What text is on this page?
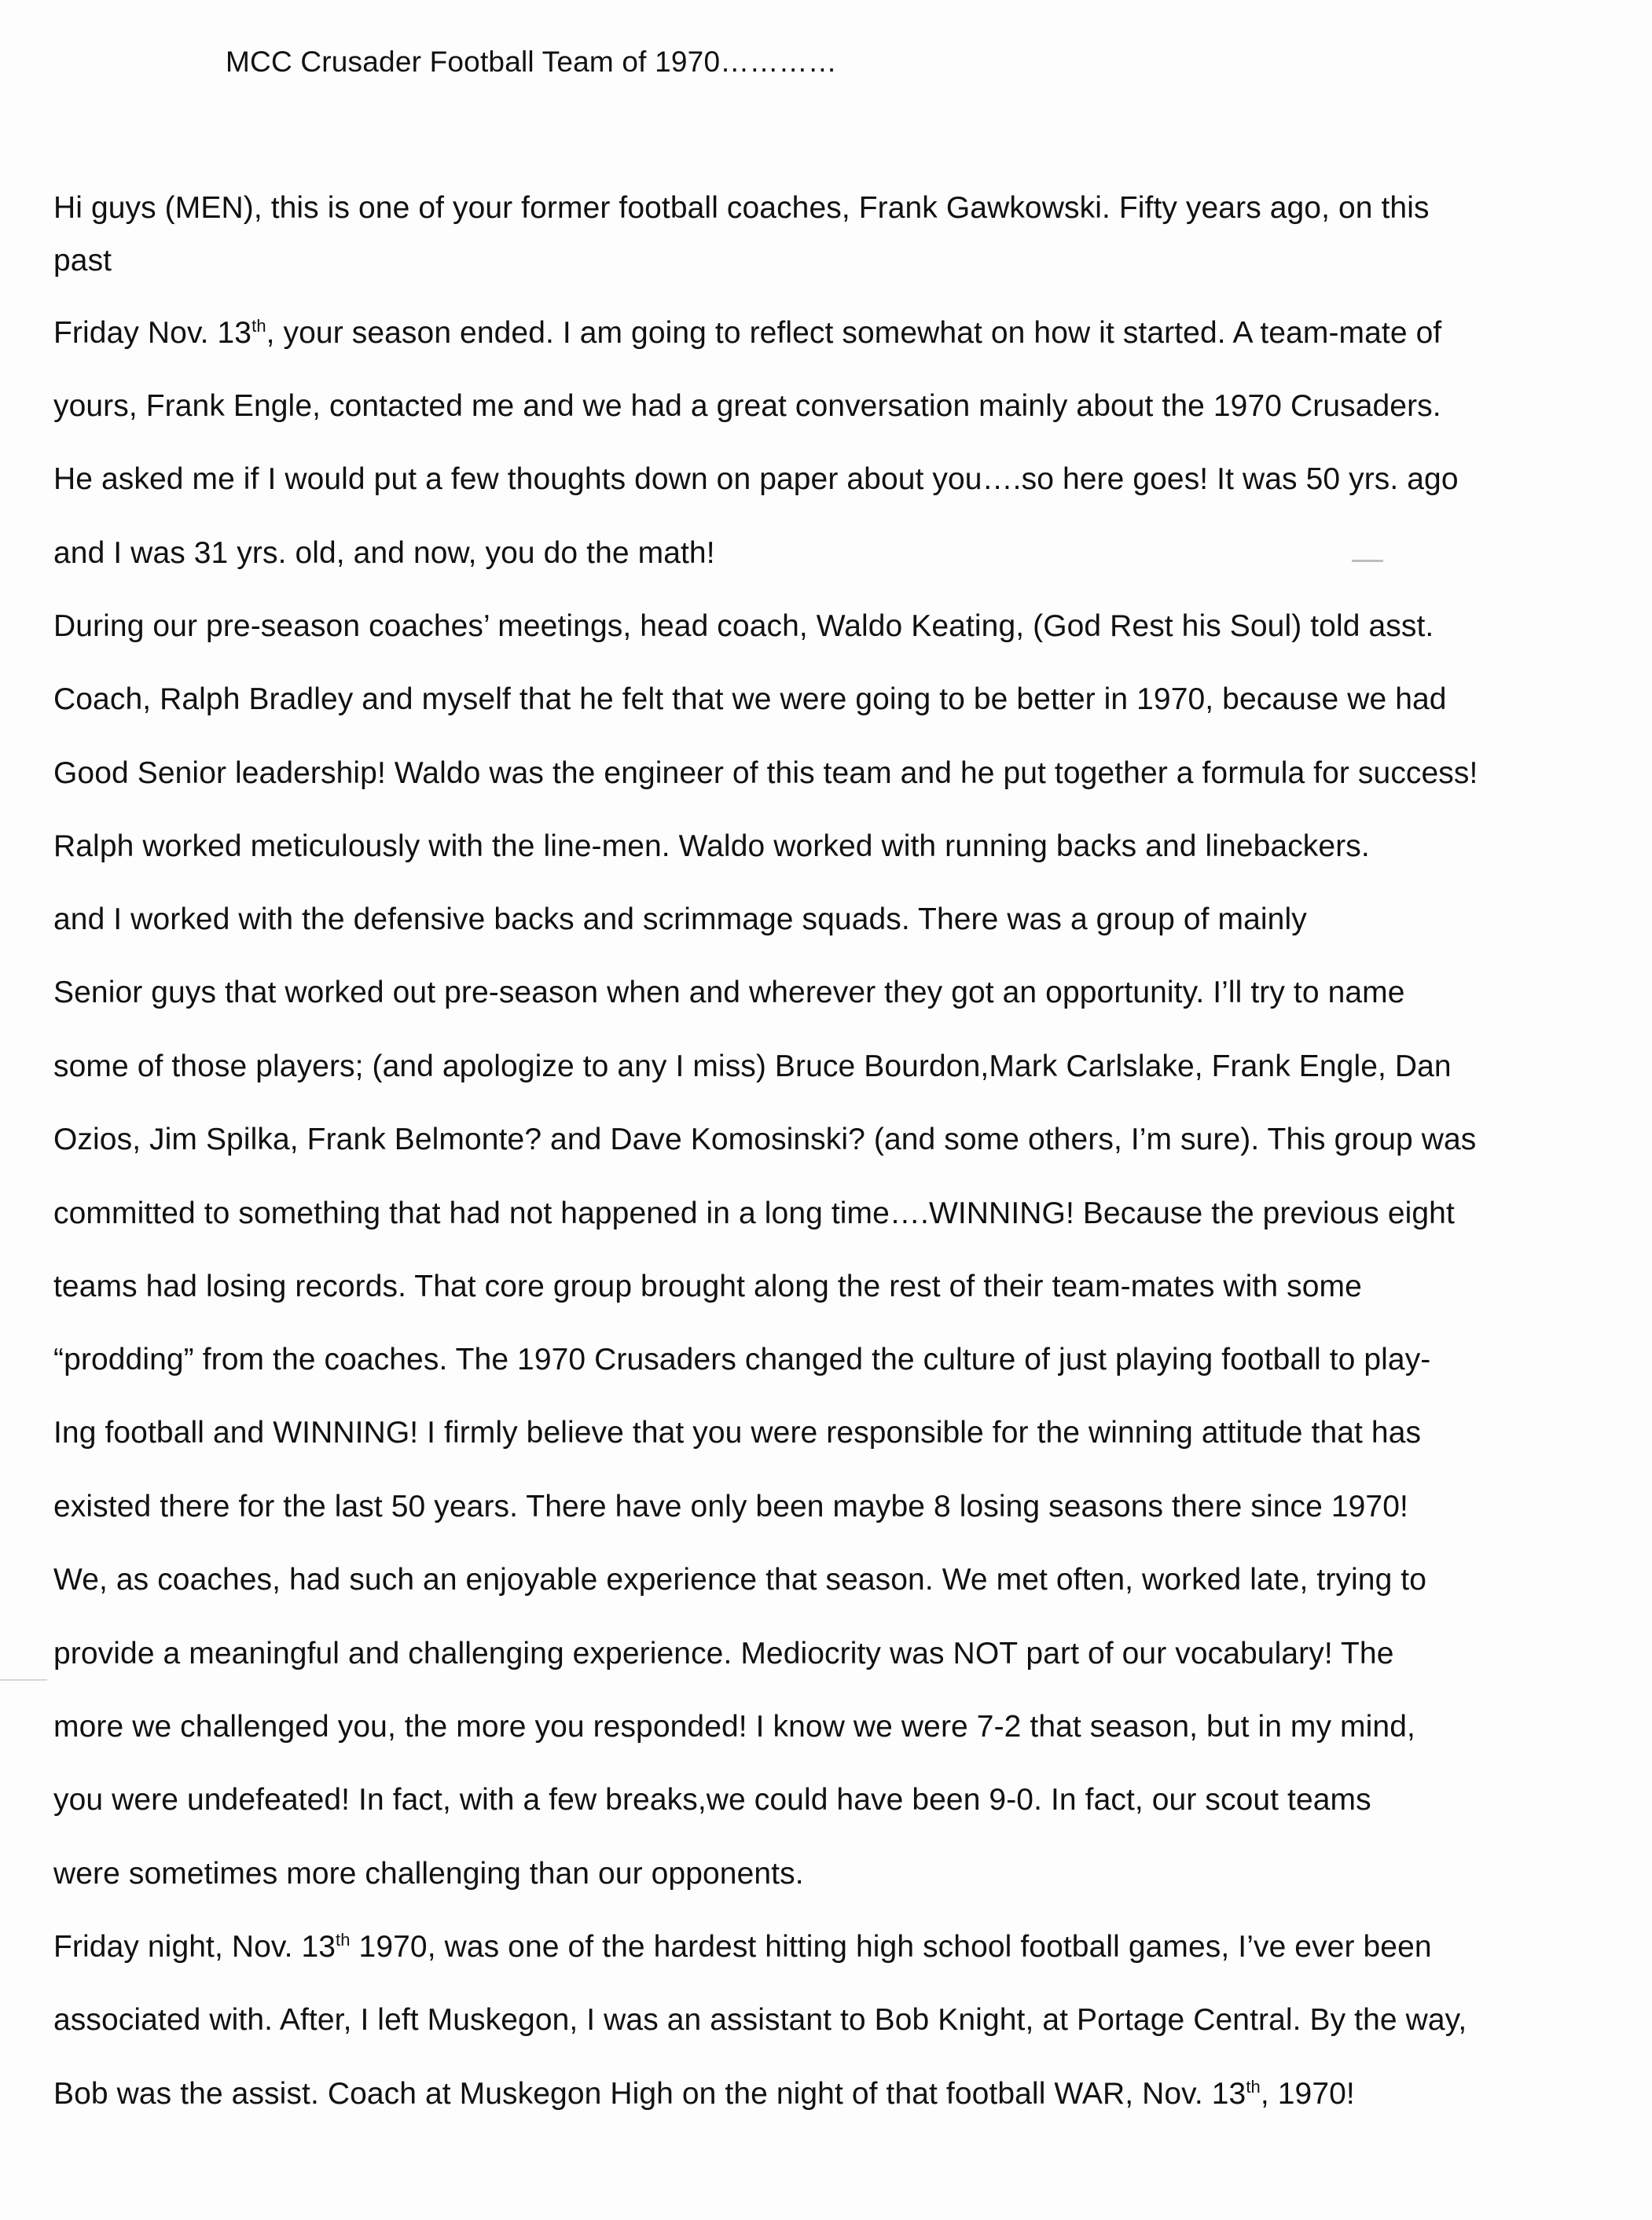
MCC Crusader Football Team of 1970…………
Hi guys (MEN), this is one of your former football coaches, Frank Gawkowski. Fifty years ago, on this
past
Friday Nov. 13th, your season ended. I am going to reflect somewhat on how it started. A team-mate of
yours, Frank Engle, contacted me and we had a great conversation mainly about the 1970 Crusaders.
He asked me if I would put a few thoughts down on paper about you….so here goes! It was 50 yrs. ago
and I was 31 yrs. old, and now, you do the math!
During our pre-season coaches’ meetings, head coach, Waldo Keating, (God Rest his Soul) told asst.
Coach, Ralph Bradley and myself that he felt that we were going to be better in 1970, because we had
Good Senior leadership! Waldo was the engineer of this team and he put together a formula for success!
Ralph worked meticulously with the line-men. Waldo worked with running backs and linebackers.
and I worked with the defensive backs and scrimmage squads. There was a group of mainly
Senior guys that worked out pre-season when and wherever they got an opportunity. I’ll try to name
some of those players; (and apologize to any I miss) Bruce Bourdon,Mark Carlslake, Frank Engle, Dan
Ozios, Jim Spilka, Frank Belmonte? and Dave Komosinski? (and some others, I’m sure). This group was
committed to something that had not happened in a long time….WINNING! Because the previous eight
teams had losing records. That core group brought along the rest of their team-mates with some
“prodding” from the coaches. The 1970 Crusaders changed the culture of just playing football to play-
Ing football and WINNING! I firmly believe that you were responsible for the winning attitude that has
existed there for the last 50 years. There have only been maybe 8 losing seasons there since 1970!
We, as coaches, had such an enjoyable experience that season. We met often, worked late, trying to
provide a meaningful and challenging experience. Mediocrity was NOT part of our vocabulary! The
more we challenged you, the more you responded! I know we were 7-2 that season, but in my mind,
you were undefeated! In fact, with a few breaks,we could have been 9-0. In fact, our scout teams
were sometimes more challenging than our opponents.
Friday night, Nov. 13th 1970, was one of the hardest hitting high school football games, I’ve ever been
associated with. After, I left Muskegon, I was an assistant to Bob Knight, at Portage Central. By the way,
Bob was the assist. Coach at Muskegon High on the night of that football WAR, Nov. 13th, 1970!
